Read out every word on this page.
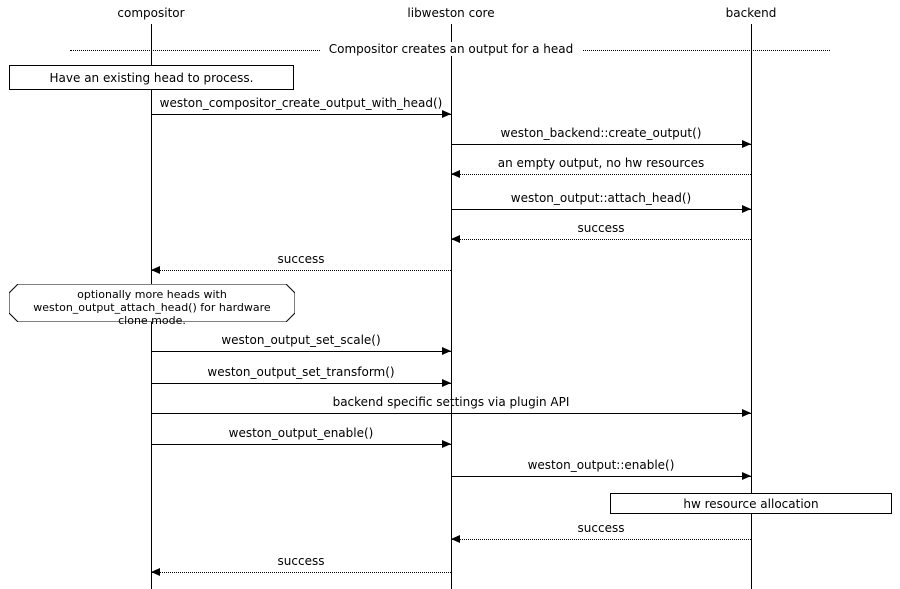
compositor	libweston core	backend
Compositor creates an output for a head
Have an existing head to process.
hw resource allocation
optionally more heads with
weston_output_attach_head() for hardware
clone mode.
weston_compositor_create_output_with_head()
weston_backend::create_output()
an empty output, no hw resources
weston_output::attach_head()
success
success
weston_output_set_scale()
weston_output_set_transform()
backend specific settings via plugin API
weston_output_enable()
weston_output::enable()
success
success
